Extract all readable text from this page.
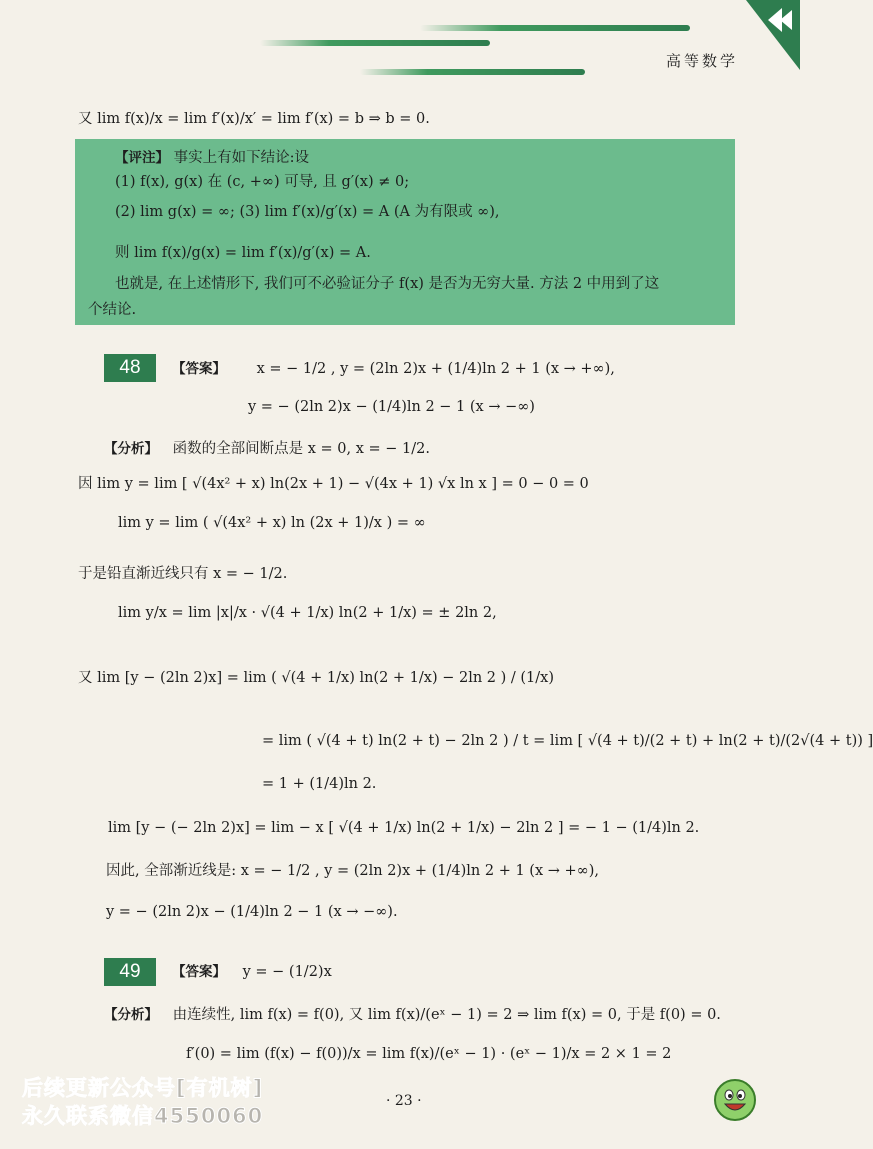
高等数学
又 lim f(x)/x = lim f′(x)/x′ = lim f′(x) = b ⇒ b = 0.
【评注】 事实上有如下结论:设
(1) f(x), g(x) 在 (c, +∞) 可导, 且 g′(x) ≠ 0;
(2) lim g(x) = ∞; (3) lim f′(x)/g′(x) = A (A 为有限或 ∞),
则 lim f(x)/g(x) = lim f′(x)/g′(x) = A.
也就是, 在上述情形下, 我们可不必验证分子 f(x) 是否为无穷大量. 方法 2 中用到了这
个结论.
48	【答案】 x = − 1/2 , y = (2ln 2)x + (1/4)ln 2 + 1 (x → +∞),
y = − (2ln 2)x − (1/4)ln 2 − 1 (x → −∞)
【分析】 函数的全部间断点是 x = 0, x = − 1/2.
因 lim y = lim [ √(4x² + x) ln(2x + 1) − √(4x + 1) √x ln x ] = 0 − 0 = 0
lim y = lim ( √(4x² + x) ln (2x + 1)/x ) = ∞
于是铅直渐近线只有 x = − 1/2.
lim y/x = lim |x|/x · √(4 + 1/x) ln(2 + 1/x) = ± 2ln 2,
又 lim [y − (2ln 2)x] = lim ( √(4 + 1/x) ln(2 + 1/x) − 2ln 2 ) / (1/x)
= lim ( √(4 + t) ln(2 + t) − 2ln 2 ) / t = lim [ √(4 + t)/(2 + t) + ln(2 + t)/(2√(4 + t)) ]
= 1 + (1/4)ln 2.
lim [y − (− 2ln 2)x] = lim − x [ √(4 + 1/x) ln(2 + 1/x) − 2ln 2 ] = − 1 − (1/4)ln 2.
因此, 全部渐近线是: x = − 1/2 , y = (2ln 2)x + (1/4)ln 2 + 1 (x → +∞),
y = − (2ln 2)x − (1/4)ln 2 − 1 (x → −∞).
49	【答案】 y = − (1/2)x
【分析】 由连续性, lim f(x) = f(0), 又 lim f(x)/(eˣ − 1) = 2 ⇒ lim f(x) = 0, 于是 f(0) = 0.
f′(0) = lim (f(x) − f(0))/x = lim f(x)/(eˣ − 1) · (eˣ − 1)/x = 2 × 1 = 2
· 23 ·
后续更新公众号[有机树]
永久联系微信4550060
